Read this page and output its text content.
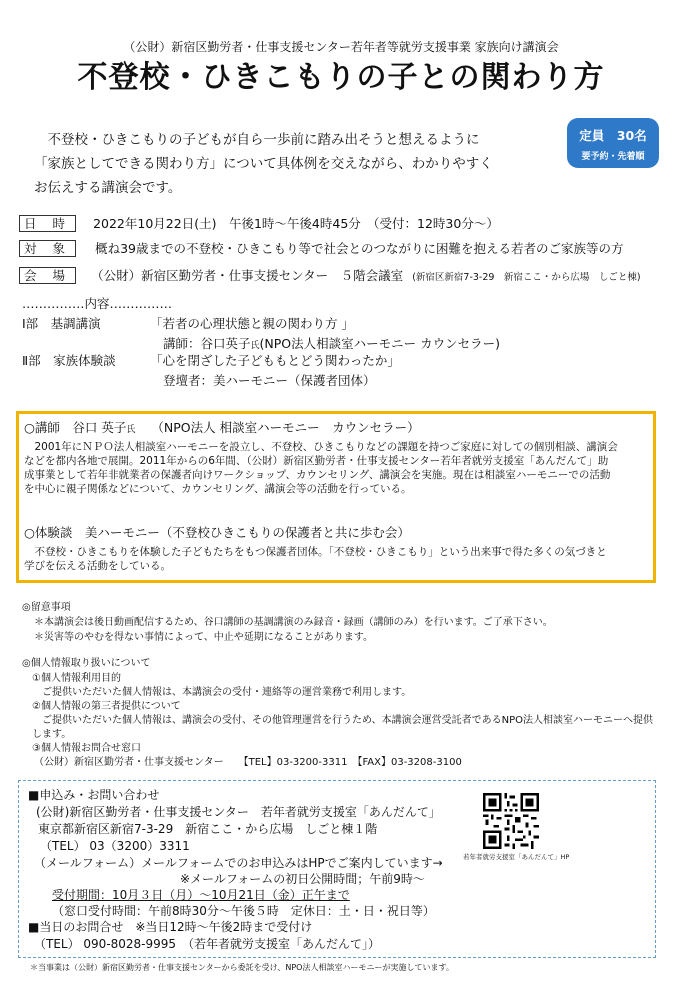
（公財）新宿区勤労者・仕事支援センター若年者等就労支援事業 家族向け講演会
不登校・ひきこもりの子との関わり方
不登校・ひきこもりの子どもが自ら一歩前に踏み出そうと想えるように
「家族としてできる関わり方」について具体例を交えながら、わかりやすく
お伝えする講演会です。
定員　30名
要予約・先着順
日 時 2022年10月22日(土)　午後1時〜午後4時45分　（受付：12時30分〜）
対 象 概ね39歳までの不登校・ひきこもり等で社会とのつながりに困難を抱える若者のご家族等の方
会 場 （公財）新宿区勤労者・仕事支援センター　５階会議室 (新宿区新宿7-3-29　新宿ここ・から広場　しごと棟)
……………内容……………
Ⅰ部　基調講演	「若者の心理状態と親の関わり方 」
講師：谷口英子氏(NPO法人相談室ハーモニー カウンセラー)
Ⅱ部　家族体験談	「心を閉ざした子どももとどう関わったか」
登壇者：美ハーモニー（保護者団体）
○講師　谷口 英子氏 （NPO法人 相談室ハーモニー　カウンセラー）
2001年にＮＰＯ法人相談室ハーモニーを設立し、不登校、ひきこもりなどの課題を持つご家庭に対しての個別相談、講演会
などを都内各地で展開。2011年からの6年間、（公財）新宿区勤労者・仕事支援センター若年者就労支援室「あんだんて」助
成事業として若年非就業者の保護者向けワークショップ、カウンセリング、講演会を実施。現在は相談室ハーモニーでの活動
を中心に親子関係などについて、カウンセリング、講演会等の活動を行っている。
○体験談　美ハーモニー（不登校ひきこもりの保護者と共に歩む会）
不登校・ひきこもりを体験した子どもたちをもつ保護者団体。「不登校・ひきこもり」という出来事で得た多くの気づきと
学びを伝える活動をしている。
◎留意事項
＊本講演会は後日動画配信するため、谷口講師の基調講演のみ録音・録画（講師のみ）を行います。ご了承下さい。
＊災害等のやむを得ない事情によって、中止や延期になることがあります。
◎個人情報取り扱いについて
①個人情報利用目的
ご提供いただいた個人情報は、本講演会の受付・連絡等の運営業務で利用します。
②個人情報の第三者提供について
ご提供いただいた個人情報は、講演会の受付、その他管理運営を行うため、本講演会運営受託者であるNPO法人相談室ハーモニーへ提供
します。
③個人情報お問合せ窓口
（公財）新宿区勤労者・仕事支援センター　　【TEL】03-3200-3311　【FAX】03-3208-3100
■申込み・お問い合わせ
(公財)新宿区勤労者・仕事支援センター　若年者就労支援室「あんだんて」
東京都新宿区新宿7-3-29　新宿ここ・から広場　しごと棟１階
（TEL） 03（3200）3311
（メールフォーム）メールフォームでのお申込みはHPでご案内しています→
※メールフォームの初日公開時間；午前9時〜
受付期間：10月３日（月）〜10月21日（金）正午まで
（窓口受付時間：午前8時30分〜午後５時　定休日：土・日・祝日等）
■当日のお問合せ　※当日12時〜午後2時まで受付け
（TEL） 090-8028-9995　（若年者就労支援室「あんだんて」）
若年者就労支援室「あんだんて」HP
＊当事業は（公財）新宿区勤労者・仕事支援センターから委託を受け、NPO法人相談室ハーモニーが実施しています。
